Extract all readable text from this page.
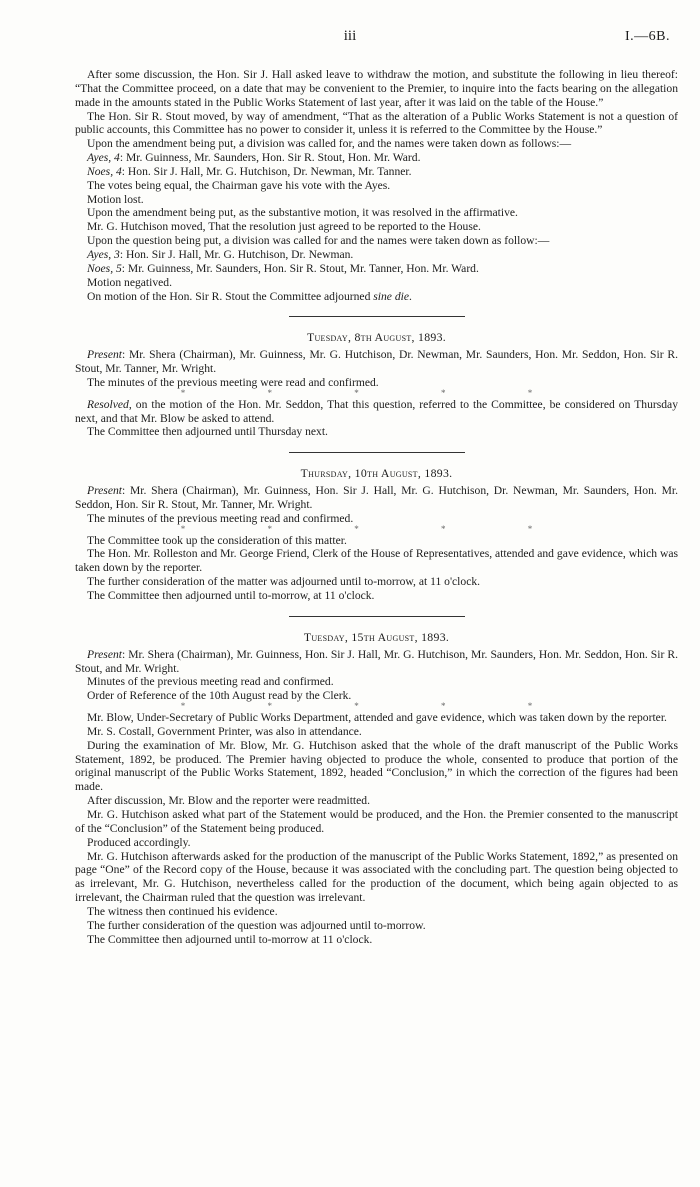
iii	I.—6B.

After some discussion, the Hon. Sir J. Hall asked leave to withdraw the motion, and substitute the following in lieu thereof: “That the Committee proceed, on a date that may be convenient to the Premier, to inquire into the facts bearing on the allegation made in the amounts stated in the Public Works Statement of last year, after it was laid on the table of the House.”

The Hon. Sir R. Stout moved, by way of amendment, “That as the alteration of a Public Works Statement is not a question of public accounts, this Committee has no power to consider it, unless it is referred to the Committee by the House.”

Upon the amendment being put, a division was called for, and the names were taken down as follows:—

Ayes, 4: Mr. Guinness, Mr. Saunders, Hon. Sir R. Stout, Hon. Mr. Ward.

Noes, 4: Hon. Sir J. Hall, Mr. G. Hutchison, Dr. Newman, Mr. Tanner.

The votes being equal, the Chairman gave his vote with the Ayes.

Motion lost.

Upon the amendment being put, as the substantive motion, it was resolved in the affirmative.

Mr. G. Hutchison moved, That the resolution just agreed to be reported to the House.

Upon the question being put, a division was called for and the names were taken down as follow:—

Ayes, 3: Hon. Sir J. Hall, Mr. G. Hutchison, Dr. Newman.

Noes, 5: Mr. Guinness, Mr. Saunders, Hon. Sir R. Stout, Mr. Tanner, Hon. Mr. Ward.

Motion negatived.

On motion of the Hon. Sir R. Stout the Committee adjourned sine die.

Tuesday, 8th August, 1893.

Present: Mr. Shera (Chairman), Mr. Guinness, Mr. G. Hutchison, Dr. Newman, Mr. Saunders, Hon. Mr. Seddon, Hon. Sir R. Stout, Mr. Tanner, Mr. Wright.

The minutes of the previous meeting were read and confirmed.

* * * * *

Resolved, on the motion of the Hon. Mr. Seddon, That this question, referred to the Committee, be considered on Thursday next, and that Mr. Blow be asked to attend.

The Committee then adjourned until Thursday next.

Thursday, 10th August, 1893.

Present: Mr. Shera (Chairman), Mr. Guinness, Hon. Sir J. Hall, Mr. G. Hutchison, Dr. Newman, Mr. Saunders, Hon. Mr. Seddon, Hon. Sir R. Stout, Mr. Tanner, Mr. Wright.

The minutes of the previous meeting read and confirmed.

* * * * *

The Committee took up the consideration of this matter.

The Hon. Mr. Rolleston and Mr. George Friend, Clerk of the House of Representatives, attended and gave evidence, which was taken down by the reporter.

The further consideration of the matter was adjourned until to-morrow, at 11 o'clock.

The Committee then adjourned until to-morrow, at 11 o'clock.

Tuesday, 15th August, 1893.

Present: Mr. Shera (Chairman), Mr. Guinness, Hon. Sir J. Hall, Mr. G. Hutchison, Mr. Saunders, Hon. Mr. Seddon, Hon. Sir R. Stout, and Mr. Wright.

Minutes of the previous meeting read and confirmed.

Order of Reference of the 10th August read by the Clerk.

* * * * *

Mr. Blow, Under-Secretary of Public Works Department, attended and gave evidence, which was taken down by the reporter.

Mr. S. Costall, Government Printer, was also in attendance.

During the examination of Mr. Blow, Mr. G. Hutchison asked that the whole of the draft manuscript of the Public Works Statement, 1892, be produced. The Premier having objected to produce the whole, consented to produce that portion of the original manuscript of the Public Works Statement, 1892, headed “Conclusion,” in which the correction of the figures had been made.

After discussion, Mr. Blow and the reporter were readmitted.

Mr. G. Hutchison asked what part of the Statement would be produced, and the Hon. the Premier consented to the manuscript of the “Conclusion” of the Statement being produced.

Produced accordingly.

Mr. G. Hutchison afterwards asked for the production of the manuscript of the Public Works Statement, 1892,” as presented on page “One” of the Record copy of the House, because it was associated with the concluding part. The question being objected to as irrelevant, Mr. G. Hutchison, nevertheless called for the production of the document, which being again objected to as irrelevant, the Chairman ruled that the question was irrelevant.

The witness then continued his evidence.

The further consideration of the question was adjourned until to-morrow.

The Committee then adjourned until to-morrow at 11 o'clock.
